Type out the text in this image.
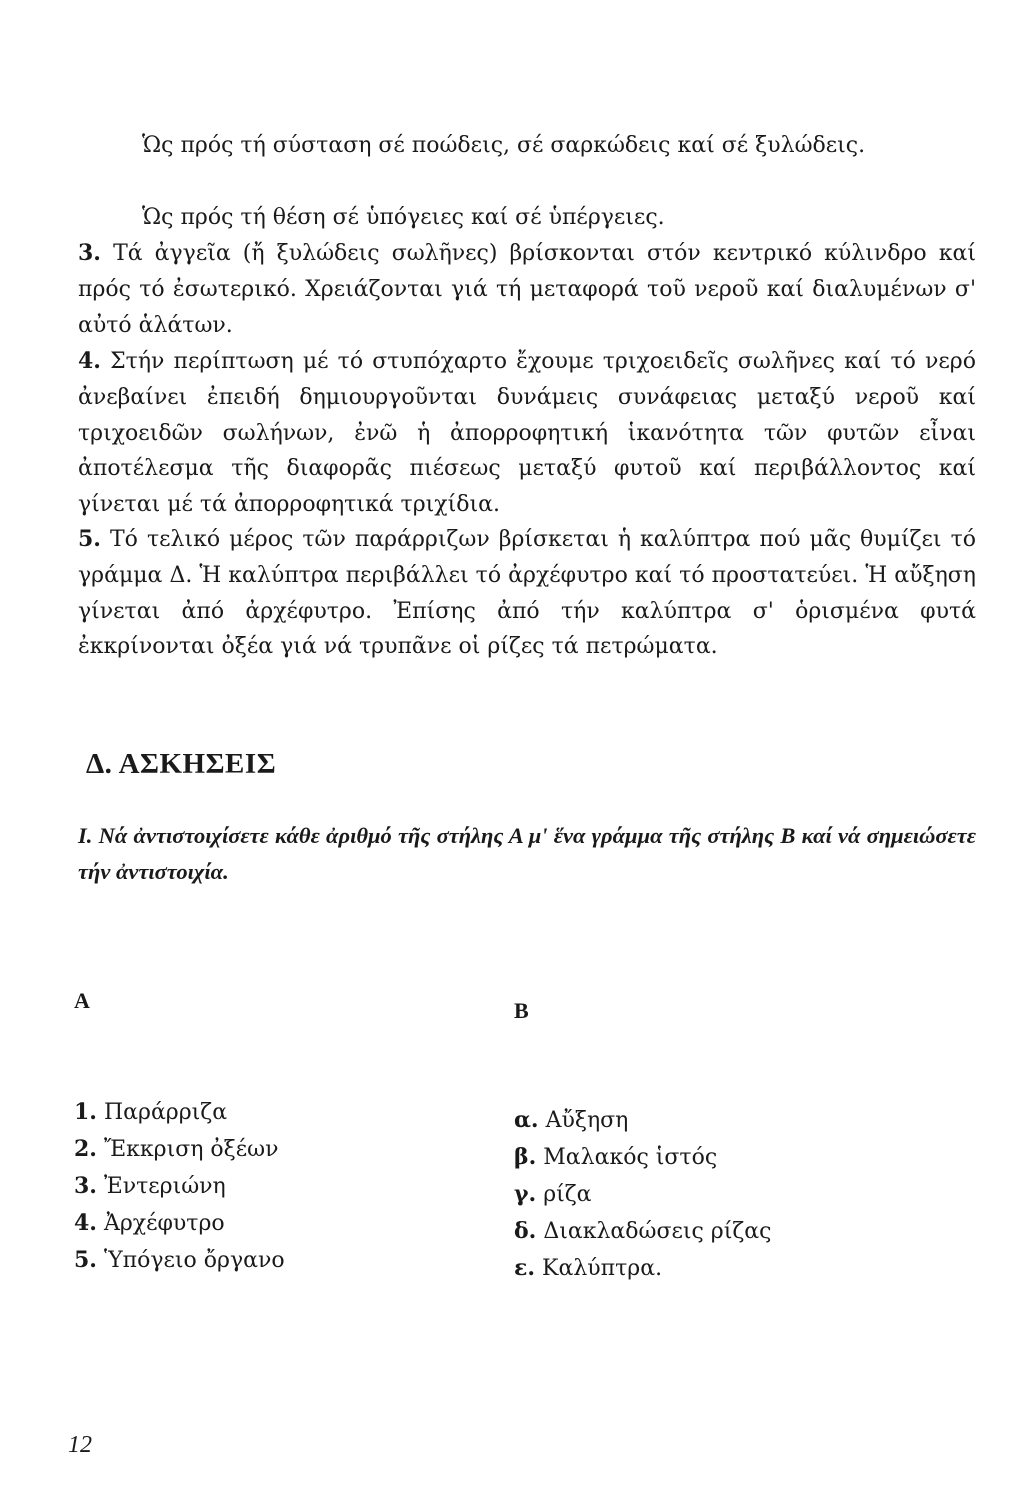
Ὡς πρός τή σύσταση σέ ποώδεις, σέ σαρκώδεις καί σέ ξυλώδεις.
Ὡς πρός τή θέση σέ ὑπόγειες καί σέ ὑπέργειες.
3. Τά ἀγγεῖα (ἤ ξυλώδεις σωλῆνες) βρίσκονται στόν κεντρικό κύλινδρο καί πρός τό ἐσωτερικό. Χρειάζονται γιά τή μεταφορά τοῦ νεροῦ καί διαλυμένων σ' αὐτό ἁλάτων.
4. Στήν περίπτωση μέ τό στυπόχαρτο ἔχουμε τριχοειδεῖς σωλῆνες καί τό νερό ἀνεβαίνει ἐπειδή δημιουργοῦνται δυνάμεις συνάφειας μεταξύ νεροῦ καί τριχοειδῶν σωλήνων, ἐνῶ ἡ ἀπορροφητική ἱκανότητα τῶν φυτῶν εἶναι ἀποτέλεσμα τῆς διαφορᾶς πιέσεως μεταξύ φυτοῦ καί περιβάλλοντος καί γίνεται μέ τά ἀπορροφητικά τριχίδια.
5. Τό τελικό μέρος τῶν παράρριζων βρίσκεται ἡ καλύπτρα πού μᾶς θυμίζει τό γράμμα Δ. Ἡ καλύπτρα περιβάλλει τό ἀρχέφυτρο καί τό προστατεύει. Ἡ αὔξηση γίνεται ἀπό ἀρχέφυτρο. Ἐπίσης ἀπό τήν καλύπτρα σ' ὁρισμένα φυτά ἐκκρίνονται ὀξέα γιά νά τρυπᾶνε οἱ ρίζες τά πετρώματα.
Δ. ΑΣΚΗΣΕΙΣ
Ι. Νά ἀντιστοιχίσετε κάθε ἀριθμό τῆς στήλης Α μ' ἕνα γράμμα τῆς στήλης Β καί νά σημειώσετε τήν ἀντιστοιχία.
Α	Β
1. Παράρριζα
2. Ἔκκριση ὀξέων
3. Ἐντεριώνη
4. Ἀρχέφυτρο
5. Ὑπόγειο ὄργανο
α. Αὔξηση
β. Μαλακός ἱστός
γ. ρίζα
δ. Διακλαδώσεις ρίζας
ε. Καλύπτρα.
12
